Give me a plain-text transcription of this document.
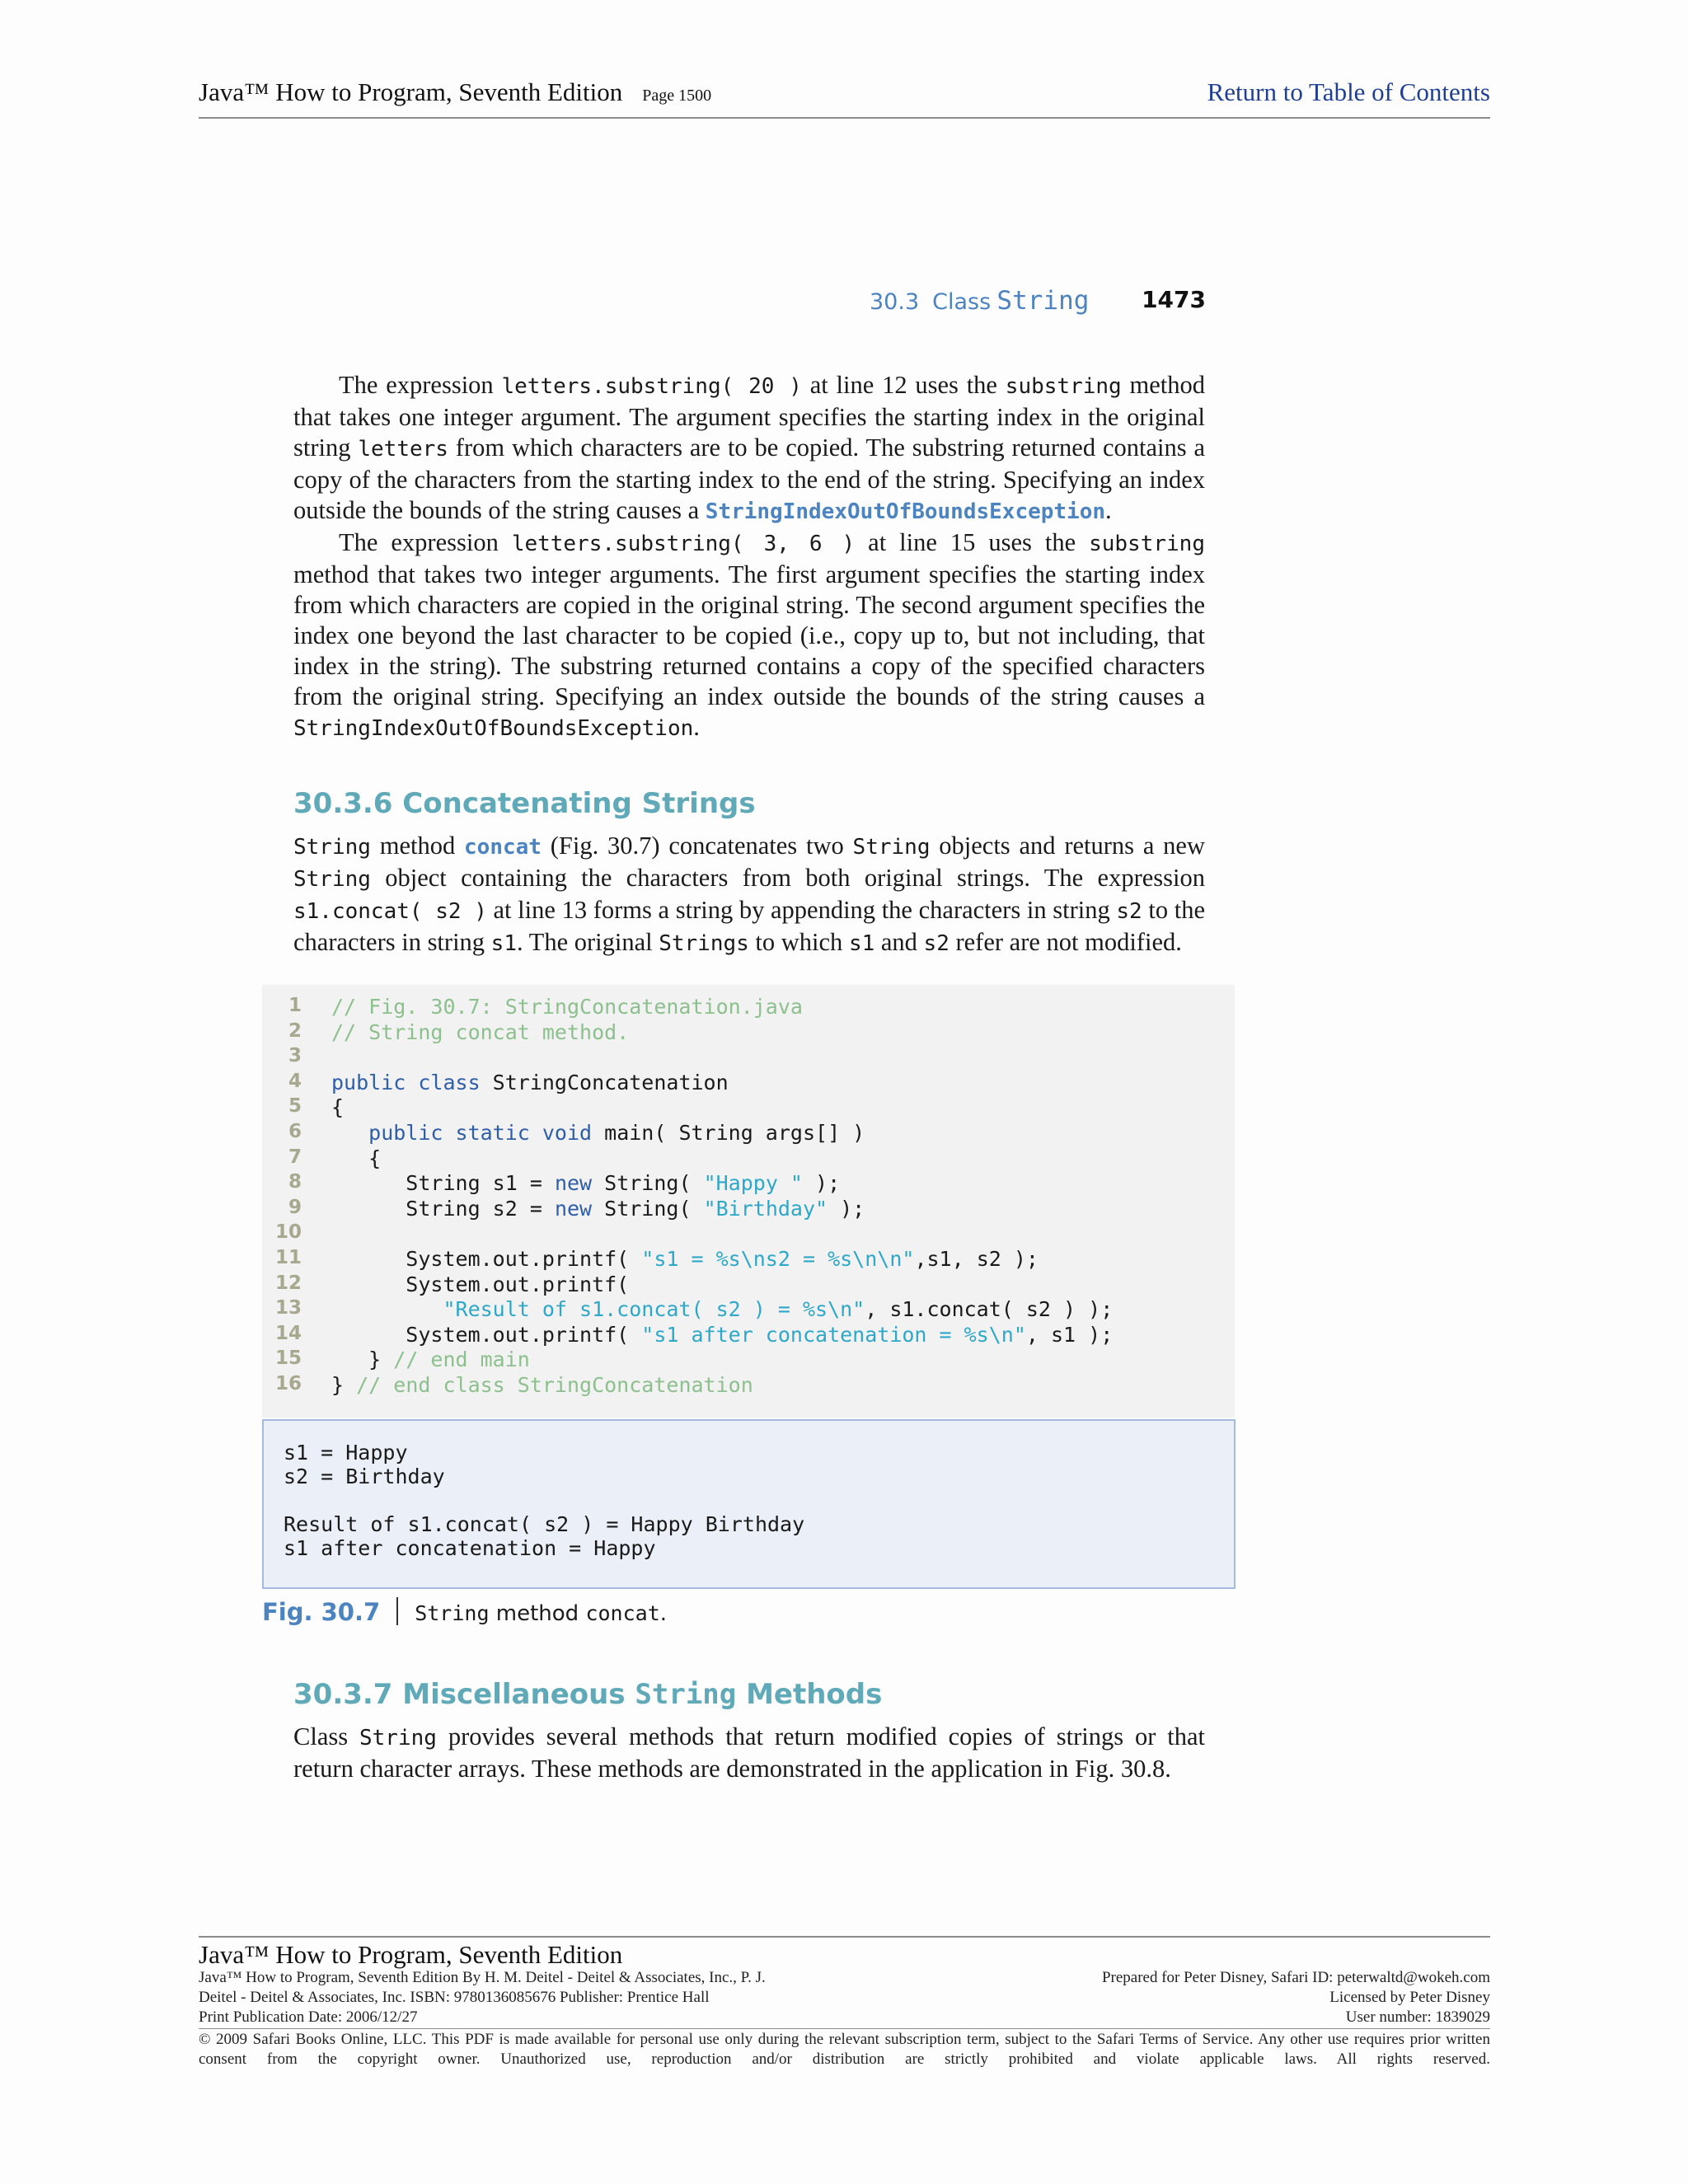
Java™ How to Program, Seventh Edition Page 1500	Return to Table of Contents
30.3 Class String 1473

The expression letters.substring( 20 ) at line 12 uses the substring method that takes one integer argument. The argument specifies the starting index in the original string letters from which characters are to be copied. The substring returned contains a copy of the characters from the starting index to the end of the string. Specifying an index outside the bounds of the string causes a StringIndexOutOfBoundsException.

The expression letters.substring( 3, 6 ) at line 15 uses the substring method that takes two integer arguments. The first argument specifies the starting index from which characters are copied in the original string. The second argument specifies the index one beyond the last character to be copied (i.e., copy up to, but not including, that index in the string). The substring returned contains a copy of the specified characters from the original string. Specifying an index outside the bounds of the string causes a StringIndexOutOfBoundsException.

30.3.6 Concatenating Strings

String method concat (Fig. 30.7) concatenates two String objects and returns a new String object containing the characters from both original strings. The expression s1.concat( s2 ) at line 13 forms a string by appending the characters in string s2 to the characters in string s1. The original Strings to which s1 and s2 refer are not modified.

1 // Fig. 30.7: StringConcatenation.java
2 // String concat method.
3
4 public class StringConcatenation
5 {
6	public static void main( String args[] )
7 {
8 String s1 = new String( "Happy " );
9 String s2 = new String( "Birthday" );
10
11 System.out.printf( "s1 = %s\ns2 = %s\n\n",s1, s2 );
12 System.out.printf(
13	"Result of s1.concat( s2 ) = %s\n", s1.concat( s2 ) );
14 System.out.printf( "s1 after concatenation = %s\n", s1 );
15 } // end main
16 } // end class StringConcatenation
s1 = Happy
s2 = Birthday
Result of s1.concat( s2 ) = Happy Birthday
s1 after concatenation = Happy
Fig. 30.7 String method concat.
30.3.7 Miscellaneous String Methods

Class String provides several methods that return modified copies of strings or that return character arrays. These methods are demonstrated in the application in Fig. 30.8.

Java™ How to Program, Seventh Edition
Java™ How to Program, Seventh Edition By H. M. Deitel - Deitel & Associates, Inc., P. J.
Deitel - Deitel & Associates, Inc. ISBN: 9780136085676 Publisher: Prentice Hall
Print Publication Date: 2006/12/27
Prepared for Peter Disney, Safari ID: peterwaltd@wokeh.com
Licensed by Peter Disney
User number: 1839029
© 2009 Safari Books Online, LLC. This PDF is made available for personal use only during the relevant subscription term, subject to the Safari Terms of Service. Any other use requires prior written consent from the copyright owner. Unauthorized use, reproduction and/or distribution are strictly prohibited and violate applicable laws. All rights reserved.
